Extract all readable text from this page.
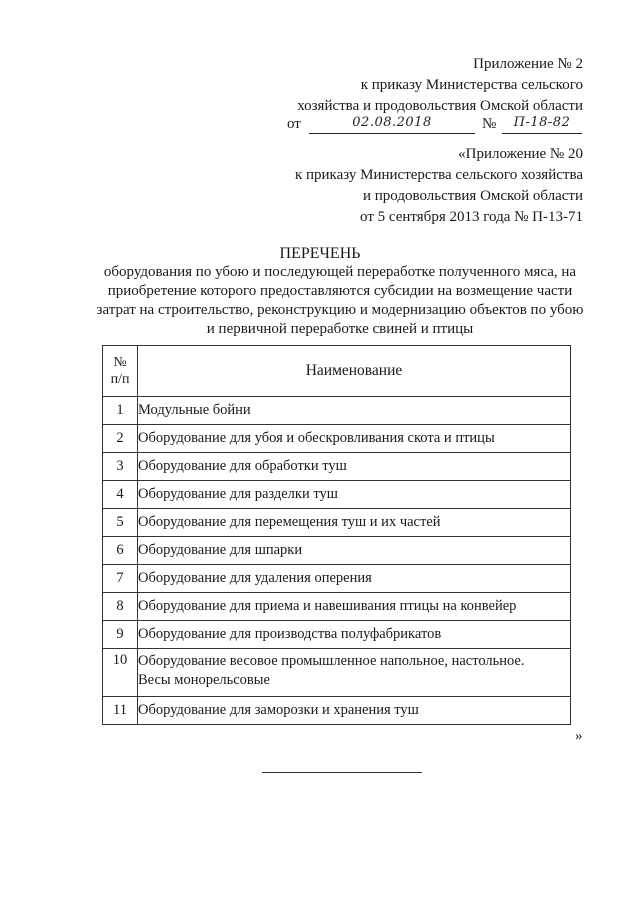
Приложение № 2
к приказу Министерства сельского
хозяйства и продовольствия Омской области
от	02.08.2018	№	П-18-82
«Приложение № 20
к приказу Министерства сельского хозяйства
и продовольствия Омской области
от 5 сентября 2013 года № П-13-71
ПЕРЕЧЕНЬ
оборудования по убою и последующей переработке полученного мяса, на приобретение которого предоставляются субсидии на возмещение части затрат на строительство, реконструкцию и модернизацию объектов по убою и первичной переработке свиней и птицы
№
п/п	Наименование
1	Модульные бойни
2	Оборудование для убоя и обескровливания скота и птицы
3	Оборудование для обработки туш
4	Оборудование для разделки туш
5	Оборудование для перемещения туш и их частей
6	Оборудование для шпарки
7	Оборудование для удаления оперения
8	Оборудование для приема и навешивания птицы на конвейер
9	Оборудование для производства полуфабрикатов
10	Оборудование весовое промышленное напольное, настольное.
Весы монорельсовые
11	Оборудование для заморозки и хранения туш
»
